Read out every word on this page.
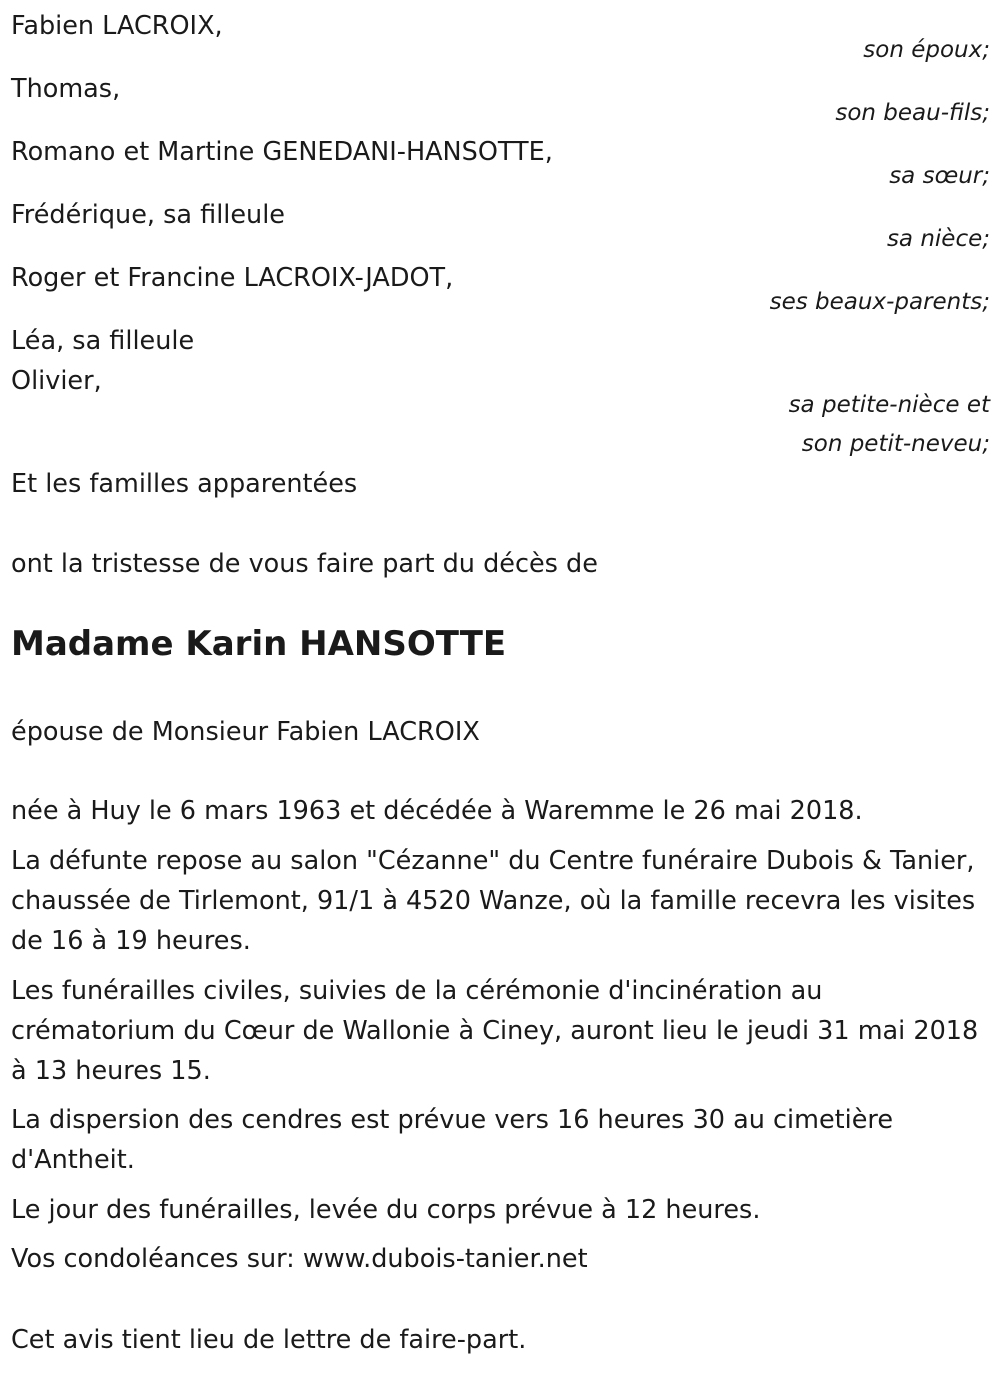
Fabien LACROIX,
son époux;
Thomas,
son beau-fils;
Romano et Martine GENEDANI-HANSOTTE,
sa sœur;
Frédérique, sa filleule
sa nièce;
Roger et Francine LACROIX-JADOT,
ses beaux-parents;
Léa, sa filleule
Olivier,
sa petite-nièce et
son petit-neveu;
Et les familles apparentées
ont la tristesse de vous faire part du décès de
Madame Karin HANSOTTE
épouse de Monsieur Fabien LACROIX
née à Huy le 6 mars 1963 et décédée à Waremme le 26 mai 2018.
La défunte repose au salon "Cézanne" du Centre funéraire Dubois & Tanier, chaussée de Tirlemont, 91/1 à 4520 Wanze, où la famille recevra les visites de 16 à 19 heures.
Les funérailles civiles, suivies de la cérémonie d'incinération au crématorium du Cœur de Wallonie à Ciney, auront lieu le jeudi 31 mai 2018 à 13 heures 15.
La dispersion des cendres est prévue vers 16 heures 30 au cimetière d'Antheit.
Le jour des funérailles, levée du corps prévue à 12 heures.
Vos condoléances sur: www.dubois-tanier.net
Cet avis tient lieu de lettre de faire-part.
